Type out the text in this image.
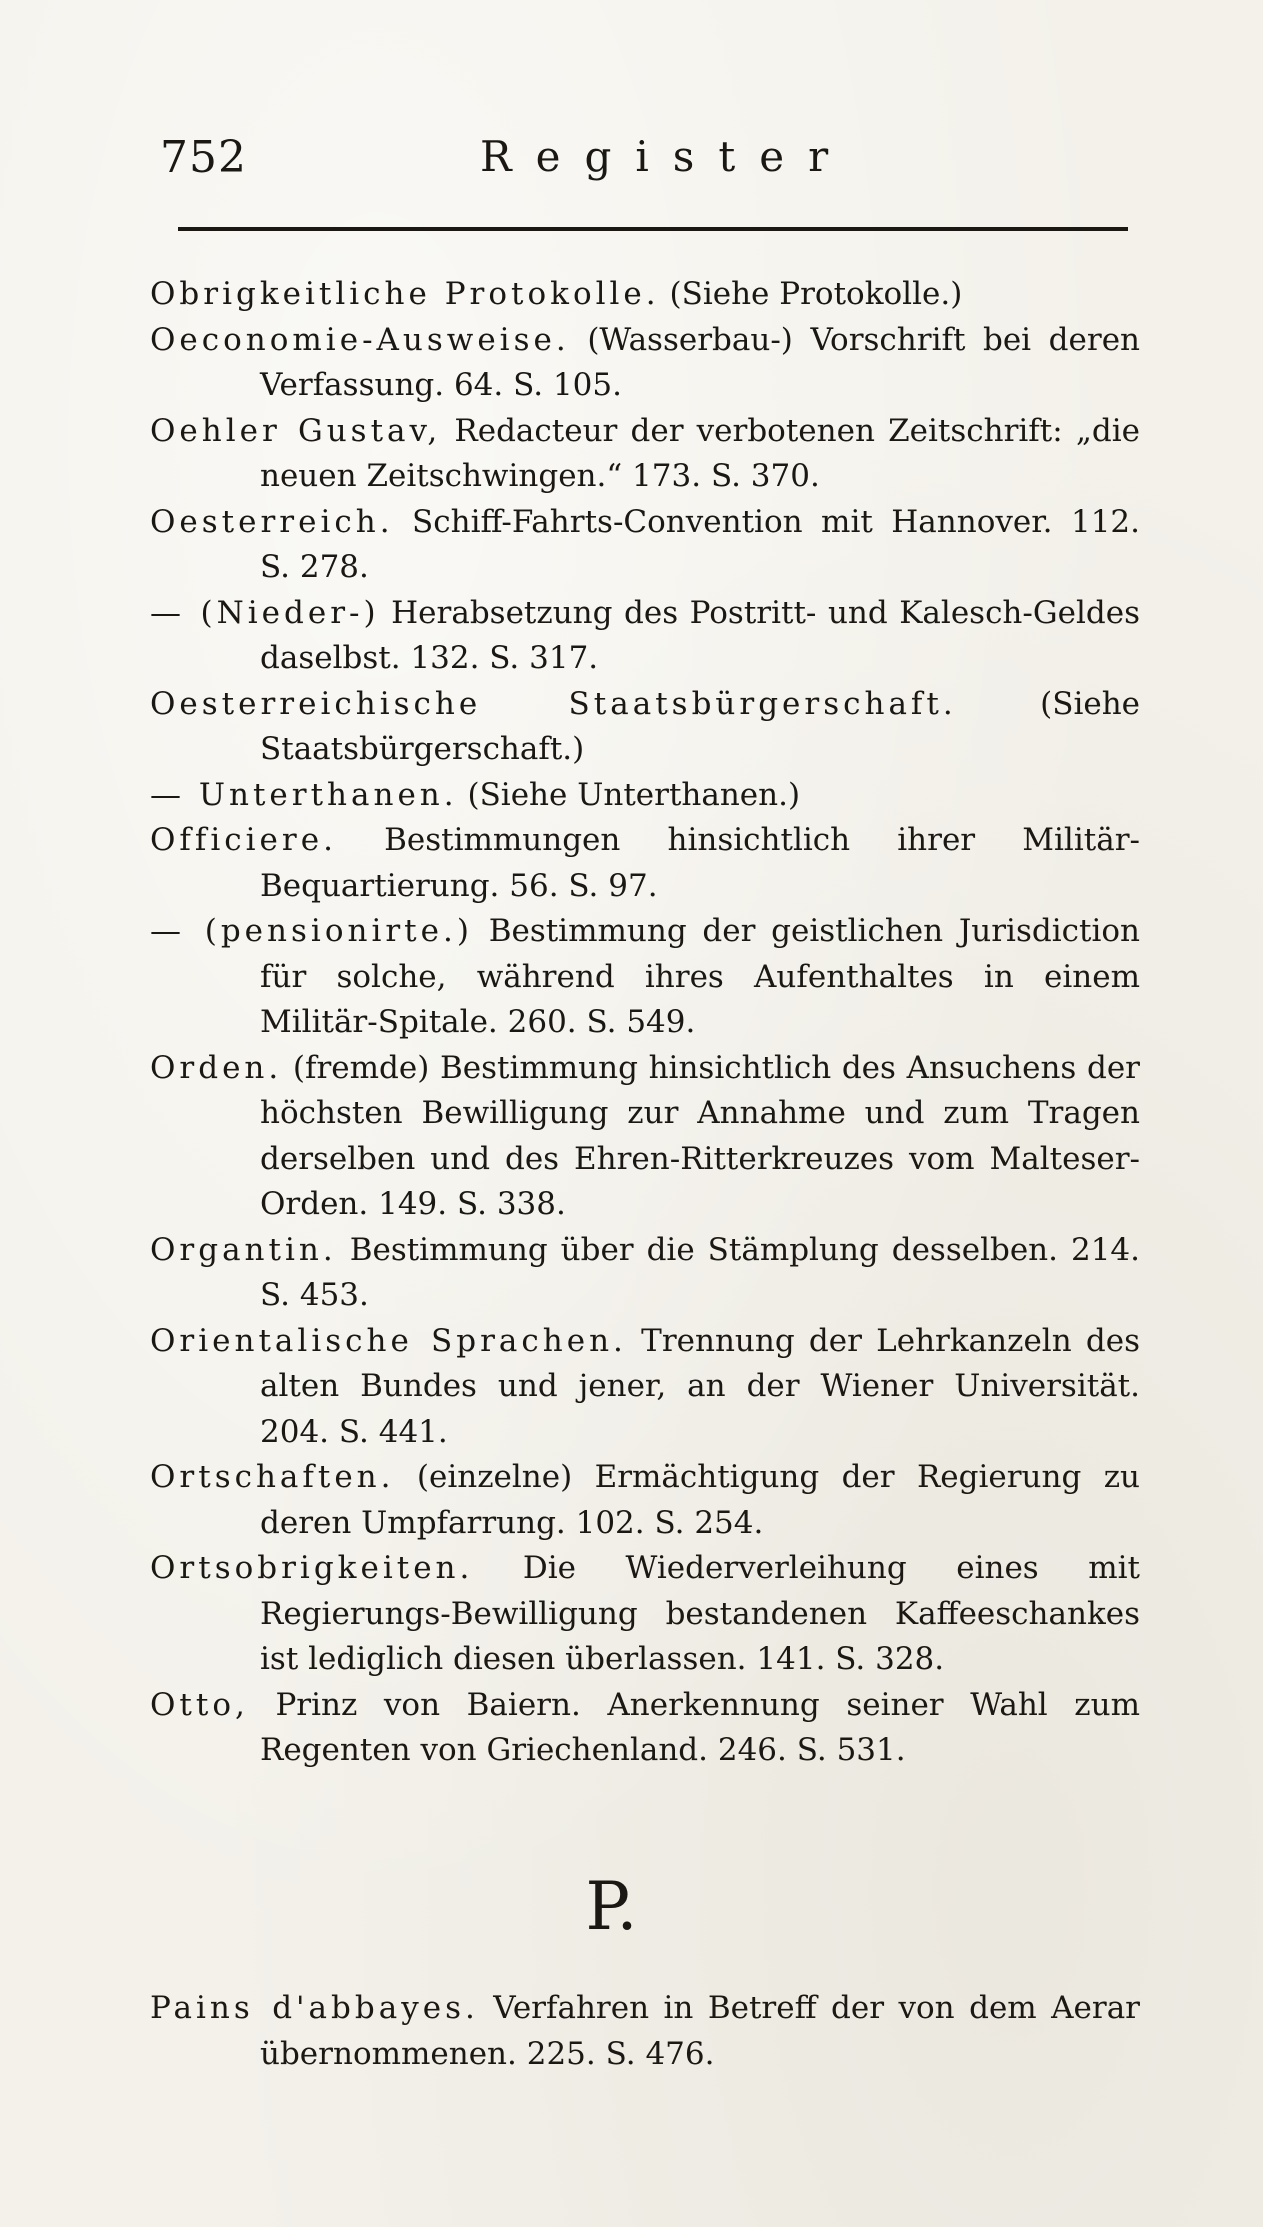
752	Register

Obrigkeitliche Protokolle. (Siehe Protokolle.)

Oeconomie-Ausweise. (Wasserbau-) Vorschrift bei deren Verfassung. 64. S. 105.

Oehler Gustav, Redacteur der verbotenen Zeitschrift: „die neuen Zeitschwingen.“ 173. S. 370.

Oesterreich. Schiff-Fahrts-Convention mit Hannover. 112. S. 278.

— (Nieder-) Herabsetzung des Postritt- und Kalesch-Geldes daselbst. 132. S. 317.

Oesterreichische Staatsbürgerschaft.	(Siehe Staatsbürgerschaft.)

— Unterthanen. (Siehe Unterthanen.)

Officiere. Bestimmungen hinsichtlich ihrer Militär-Bequartierung. 56. S. 97.

— (pensionirte.) Bestimmung der geistlichen Jurisdiction für solche, während ihres Aufenthaltes in einem Militär-Spitale. 260. S. 549.

Orden. (fremde) Bestimmung hinsichtlich des Ansuchens der höchsten Bewilligung zur Annahme und zum Tragen derselben und des Ehren-Ritterkreuzes vom Malteser-Orden. 149. S. 338.

Organtin. Bestimmung über die Stämplung desselben. 214. S. 453.

Orientalische Sprachen. Trennung der Lehrkanzeln des alten Bundes und jener, an der Wiener Universität. 204. S. 441.

Ortschaften. (einzelne) Ermächtigung der Regierung zu deren Umpfarrung. 102. S. 254.

Ortsobrigkeiten. Die Wiederverleihung eines mit Regierungs-Bewilligung bestandenen Kaffeeschankes ist lediglich diesen überlassen. 141. S. 328.

Otto, Prinz von Baiern. Anerkennung seiner Wahl zum Regenten von Griechenland. 246. S. 531.

P.

Pains d'abbayes. Verfahren in Betreff der von dem Aerar übernommenen. 225. S. 476.
